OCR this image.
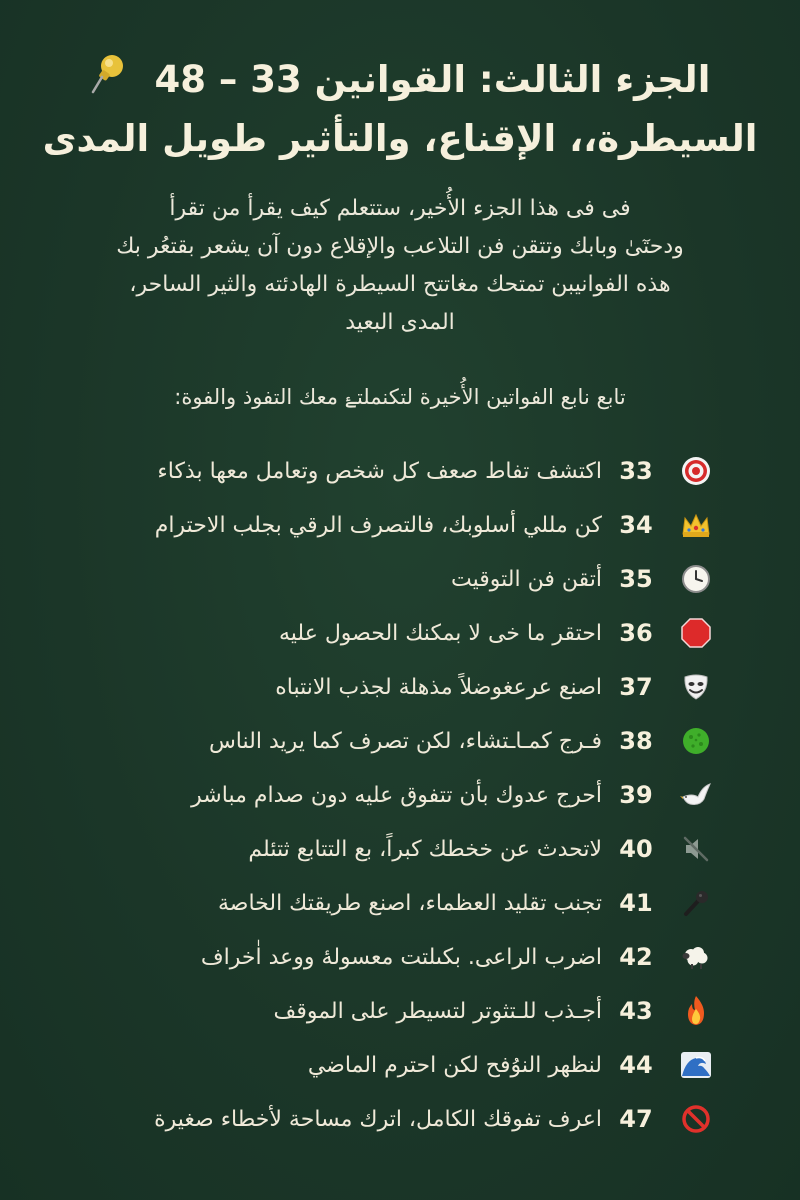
الجزء الثالث: القوانين 33 – 48
السيطرة،، الإقناع، والتأثير طويل المدى

فى فى هذا الجزء الأُخير، ستتعلم كيف يقرأ من تقرأ

ودحتٓىٰ وبابك وتتقن فن التلاعب والإقلاع دون آن يشعر بقتعُر بك

هذه الفوانيبن تمتحك مغاتتح السيطرة الهادئته والثير الساحر،

المدى البعيد

تابع نابع الفواتين الأُخيرة لتكنملتۓ معك التفوذ والفوة:
33
اكتشف تفاط صعف كل شخص وتعامل معها بذكاء
34
كن مللي أسلوبك، فالتصرف الرقي بجلب الاحترام
35
أتقن فن التوقيت
36
احتقر ما خى لا بمكنك الحصول عليه
37
اصنع عرعغوضلاً مذهلة لجذب الانتباه
38
فـرج كمـاـتشاء، لكن تصرف كما يريد الناس
39
أحرج عدوك بأن تتفوق عليه دون صدام مباشر
40
لاتحدث عن خخطك كبراً، بع التتابع ثتئلم
41
تجنب تقليد العظماء، اصنع طريقتك الخاصة
42
اضرب الراعى. بكىلتت معسولهٔ ووعد اٰخراف
43
أجـذب للـتثوتر لتسيطر على الموقف
44
لنظهر النوُفح لكن احترم الماضي
47
اعرف تفوقك الكامل، اترك مساحة لأخطاء صغيرة
